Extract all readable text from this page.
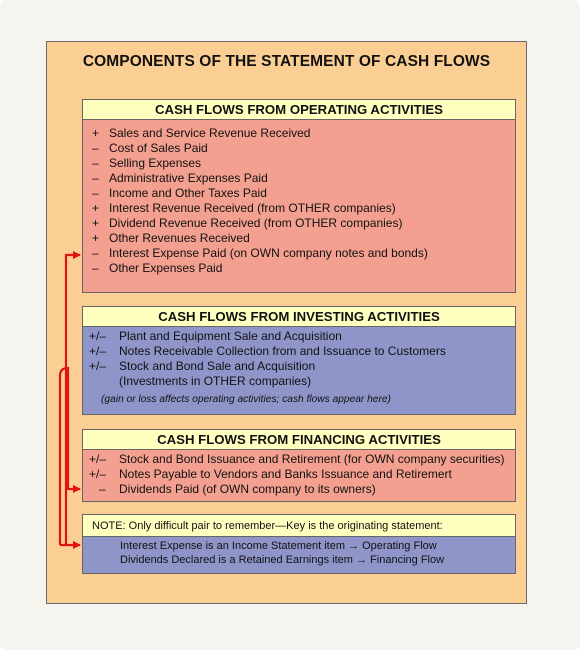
COMPONENTS OF THE STATEMENT OF CASH FLOWS
CASH FLOWS FROM OPERATING ACTIVITIES
+ Sales and Service Revenue Received
– Cost of Sales Paid
– Selling Expenses
– Administrative Expenses Paid
_ Income and Other Taxes Paid
+ Interest Revenue Received (from OTHER companies)
+ Dividend Revenue Received (from OTHER companies)
+ Other Revenues Received
– Interest Expense Paid (on OWN company notes and bonds)
– Other Expenses Paid
CASH FLOWS FROM INVESTING ACTIVITIES
+/–	Plant and Equipment Sale and Acquisition
+/–	Notes Receivable Collection from and Issuance to Customers
+/–	Stock and Bond Sale and Acquisition
(Investments in OTHER companies)
(gain or loss affects operating activities; cash flows appear here)
CASH FLOWS FROM FINANCING ACTIVITIES
+/–	Stock and Bond Issuance and Retirement (for OWN company securities)
+/–	Notes Payable to Vendors and Banks Issuance and Retiremert
–	Dividends Paid (of OWN company to its owners)
NOTE: Only difficult pair to remember—Key is the originating statement:
Interest Expense is an Income Statement item → Operating Flow
Dividends Declared is a Retained Earnings item → Financing Flow
